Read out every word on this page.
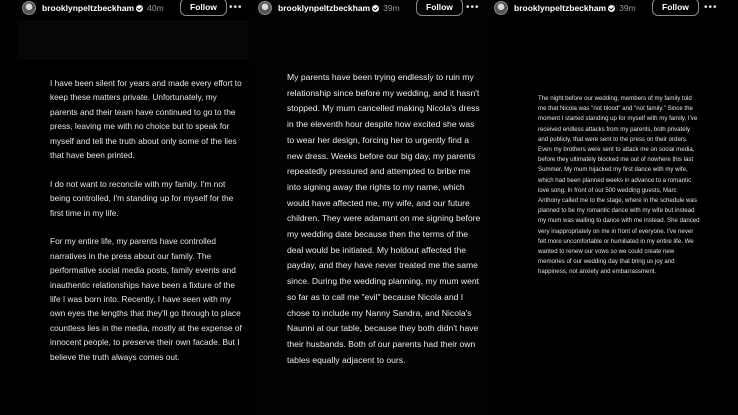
brooklynpeltzbeckham 40m	Follow	•••

I have been silent for years and made every effort to keep these matters private. Unfortunately, my parents and their team have continued to go to the press, leaving me with no choice but to speak for myself and tell the truth about only some of the lies that have been printed.

I do not want to reconcile with my family. I'm not being controlled, I'm standing up for myself for the first time in my life.

For my entire life, my parents have controlled narratives in the press about our family. The performative social media posts, family events and inauthentic relationships have been a fixture of the life I was born into. Recently, I have seen with my own eyes the lengths that they'll go through to place countless lies in the media, mostly at the expense of innocent people, to preserve their own facade. But I believe the truth always comes out.

brooklynpeltzbeckham 39m	Follow	•••

My parents have been trying endlessly to ruin my relationship since before my wedding, and it hasn't stopped. My mum cancelled making Nicola's dress in the eleventh hour despite how excited she was to wear her design, forcing her to urgently find a new dress. Weeks before our big day, my parents repeatedly pressured and attempted to bribe me into signing away the rights to my name, which would have affected me, my wife, and our future children. They were adamant on me signing before my wedding date because then the terms of the deal would be initiated. My holdout affected the payday, and they have never treated me the same since. During the wedding planning, my mum went so far as to call me "evil" because Nicola and I chose to include my Nanny Sandra, and Nicola's Naunni at our table, because they both didn't have their husbands. Both of our parents had their own tables equally adjacent to ours.

brooklynpeltzbeckham 39m	Follow	•••

The night before our wedding, members of my family told me that Nicola was "not blood" and "not family." Since the moment I started standing up for myself with my family, I've received endless attacks from my parents, both privately and publicly, that were sent to the press on their orders. Even my brothers were sent to attack me on social media, before they ultimately blocked me out of nowhere this last Summer. My mum hijacked my first dance with my wife, which had been planned weeks in advance to a romantic love song. In front of our 500 wedding guests, Marc Anthony called me to the stage, where in the schedule was planned to be my romantic dance with my wife but instead my mum was waiting to dance with me instead. She danced very inappropriately on me in front of everyone. I've never felt more uncomfortable or humiliated in my entire life. We wanted to renew our vows so we could create new memories of our wedding day that bring us joy and happiness, not anxiety and embarrassment.
